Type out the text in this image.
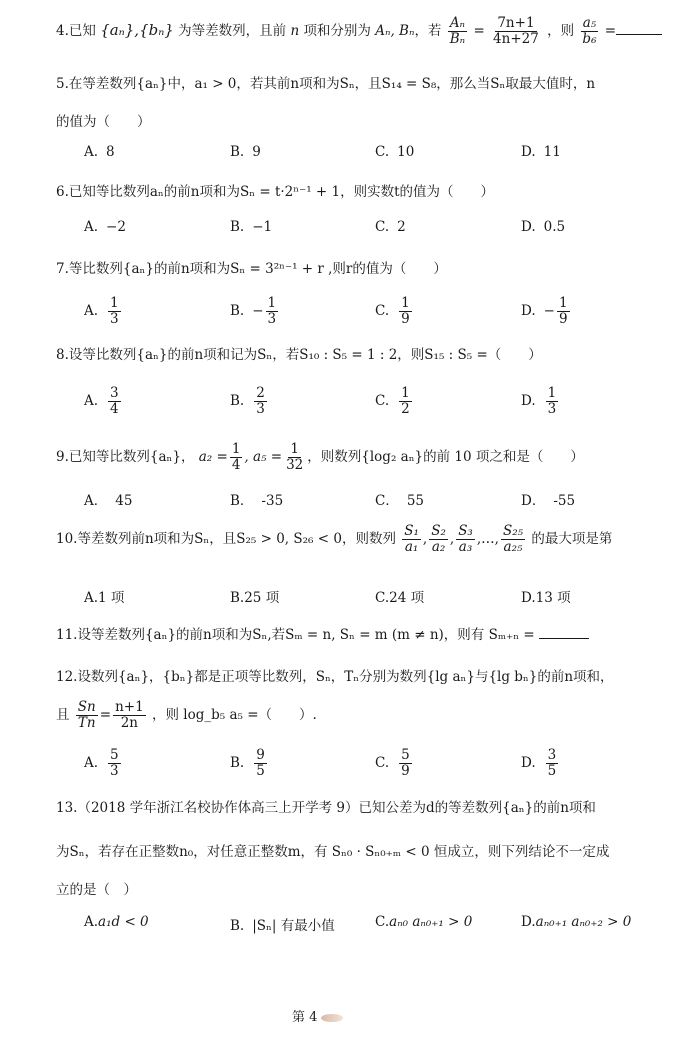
4.已知 {aₙ},{bₙ} 为等差数列，且前 n 项和分别为 Aₙ, Bₙ，若 $\frac{\text{Aₙ}}{\text{Bₙ}} = \frac{7n+1}{4n+27}$ ，则 $\frac{\text{a₅}}{\text{b₆}}$ =
5.在等差数列{aₙ}中，a₁ > 0，若其前n项和为Sₙ，且S₁₄ = S₈，那么当Sₙ取最大值时，n
的值为（　　）
A. 8	B. 9	C. 10	D. 11
6.已知等比数列aₙ的前n项和为Sₙ = t·2ⁿ⁻¹ + 1，则实数t的值为（　　）
A. −2	B. −1	C. 2	D. 0.5
7.等比数列{aₙ}的前n项和为Sₙ = 3²ⁿ⁻¹ + r ,则r的值为（　　）
A. $\frac{1}{3}$	B. − $\frac{1}{3}$	C. $\frac{1}{9}$	D. − $\frac{1}{9}$
8.设等比数列{aₙ}的前n项和记为Sₙ，若S₁₀ : S₅ = 1 : 2，则S₁₅ : S₅ =（　　）
A. $\frac{3}{4}$	B. $\frac{2}{3}$	C. $\frac{1}{2}$	D. $\frac{1}{3}$
9.已知等比数列{aₙ}， $a_2 = \frac{1}{4}$ , $a_5 = \frac{1}{32}$ ，则数列{log₂ aₙ}的前 10 项之和是（　　）
A． 45	B． -35	C． 55	D． -55
10.等差数列前n项和为Sₙ，且S₂₅ > 0, S₂₆ < 0，则数列 $\frac{\text{S₁}}{\text{a₁}}$ , $\frac{\text{S₂}}{\text{a₂}}$ , $\frac{\text{S₃}}{\text{a₃}}$ ,…, $\frac{\text{S₂₅}}{\text{a₂₅}}$ 的最大项是第
A.1 项	B.25 项	C.24 项	D.13 项
11.设等差数列{aₙ}的前n项和为Sₙ,若Sₘ = n, Sₙ = m (m ≠ n)，则有 Sₘ₊ₙ =
12.设数列{aₙ}，{bₙ}都是正项等比数列，Sₙ，Tₙ分别为数列{lg aₙ}与{lg bₙ}的前n项和，
且 $\frac{Sn}{Tn} = \frac{n+1}{2n}$ ，则 log_b₅ a₅ =（　　）.
A. $\frac{5}{3}$	B. $\frac{9}{5}$	C. $\frac{5}{9}$	D. $\frac{3}{5}$
13.（2018 学年浙江名校协作体高三上开学考 9）已知公差为d的等差数列{aₙ}的前n项和
为Sₙ，若存在正整数n₀，对任意正整数m，有 Sₙ₀ · Sₙ₀₊ₘ < 0 恒成立，则下列结论不一定成
立的是（　）
A.a₁d < 0	B. |Sₙ| 有最小值	C.aₙ₀ aₙ₀₊₁ > 0	D.aₙ₀₊₁ aₙ₀₊₂ > 0
第 4
